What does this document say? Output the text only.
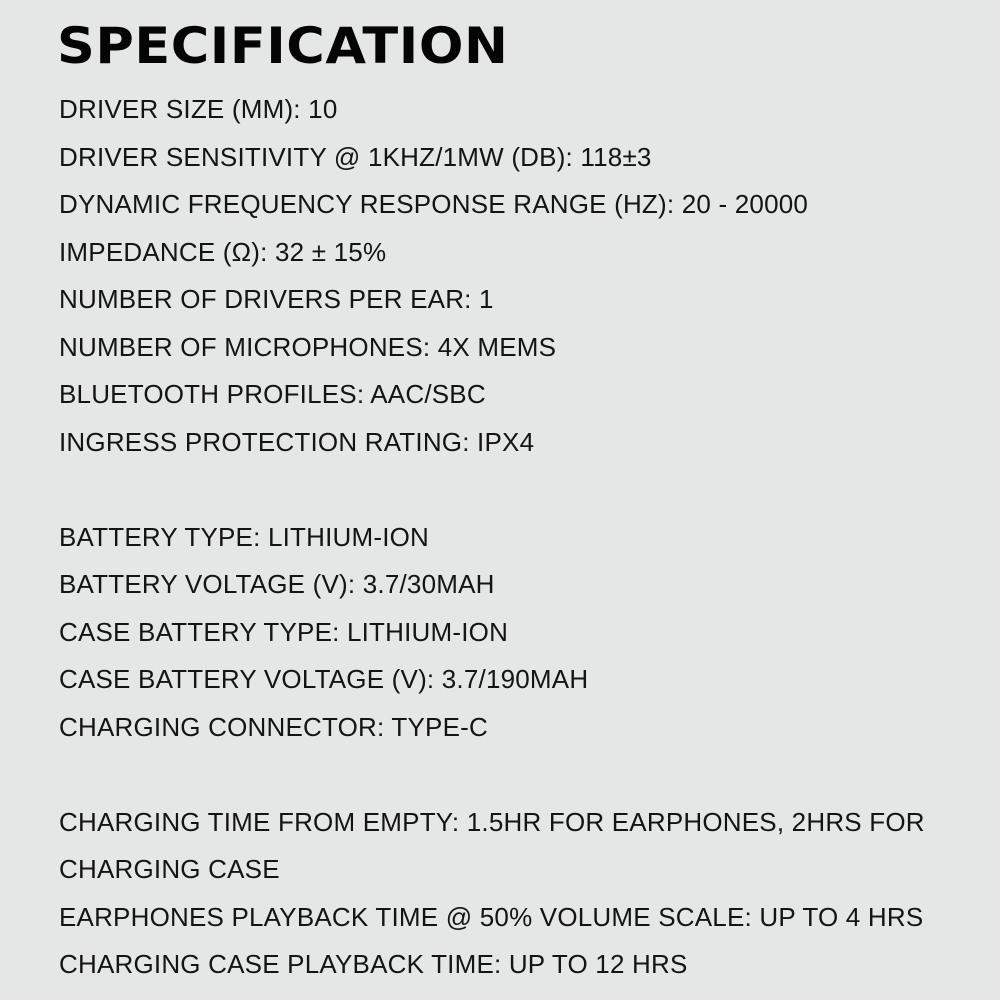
SPECIFICATION
DRIVER SIZE (MM): 10
DRIVER SENSITIVITY @ 1KHZ/1MW (DB): 118±3
DYNAMIC FREQUENCY RESPONSE RANGE (HZ): 20 - 20000
IMPEDANCE (Ω): 32 ± 15%
NUMBER OF DRIVERS PER EAR: 1
NUMBER OF MICROPHONES: 4X MEMS
BLUETOOTH PROFILES: AAC/SBC
INGRESS PROTECTION RATING: IPX4
BATTERY TYPE: LITHIUM-ION
BATTERY VOLTAGE (V): 3.7/30MAH
CASE BATTERY TYPE: LITHIUM-ION
CASE BATTERY VOLTAGE (V): 3.7/190MAH
CHARGING CONNECTOR: TYPE-C
CHARGING TIME FROM EMPTY: 1.5HR FOR EARPHONES, 2HRS FOR
CHARGING CASE
EARPHONES PLAYBACK TIME @ 50% VOLUME SCALE: UP TO 4 HRS
CHARGING CASE PLAYBACK TIME: UP TO 12 HRS
